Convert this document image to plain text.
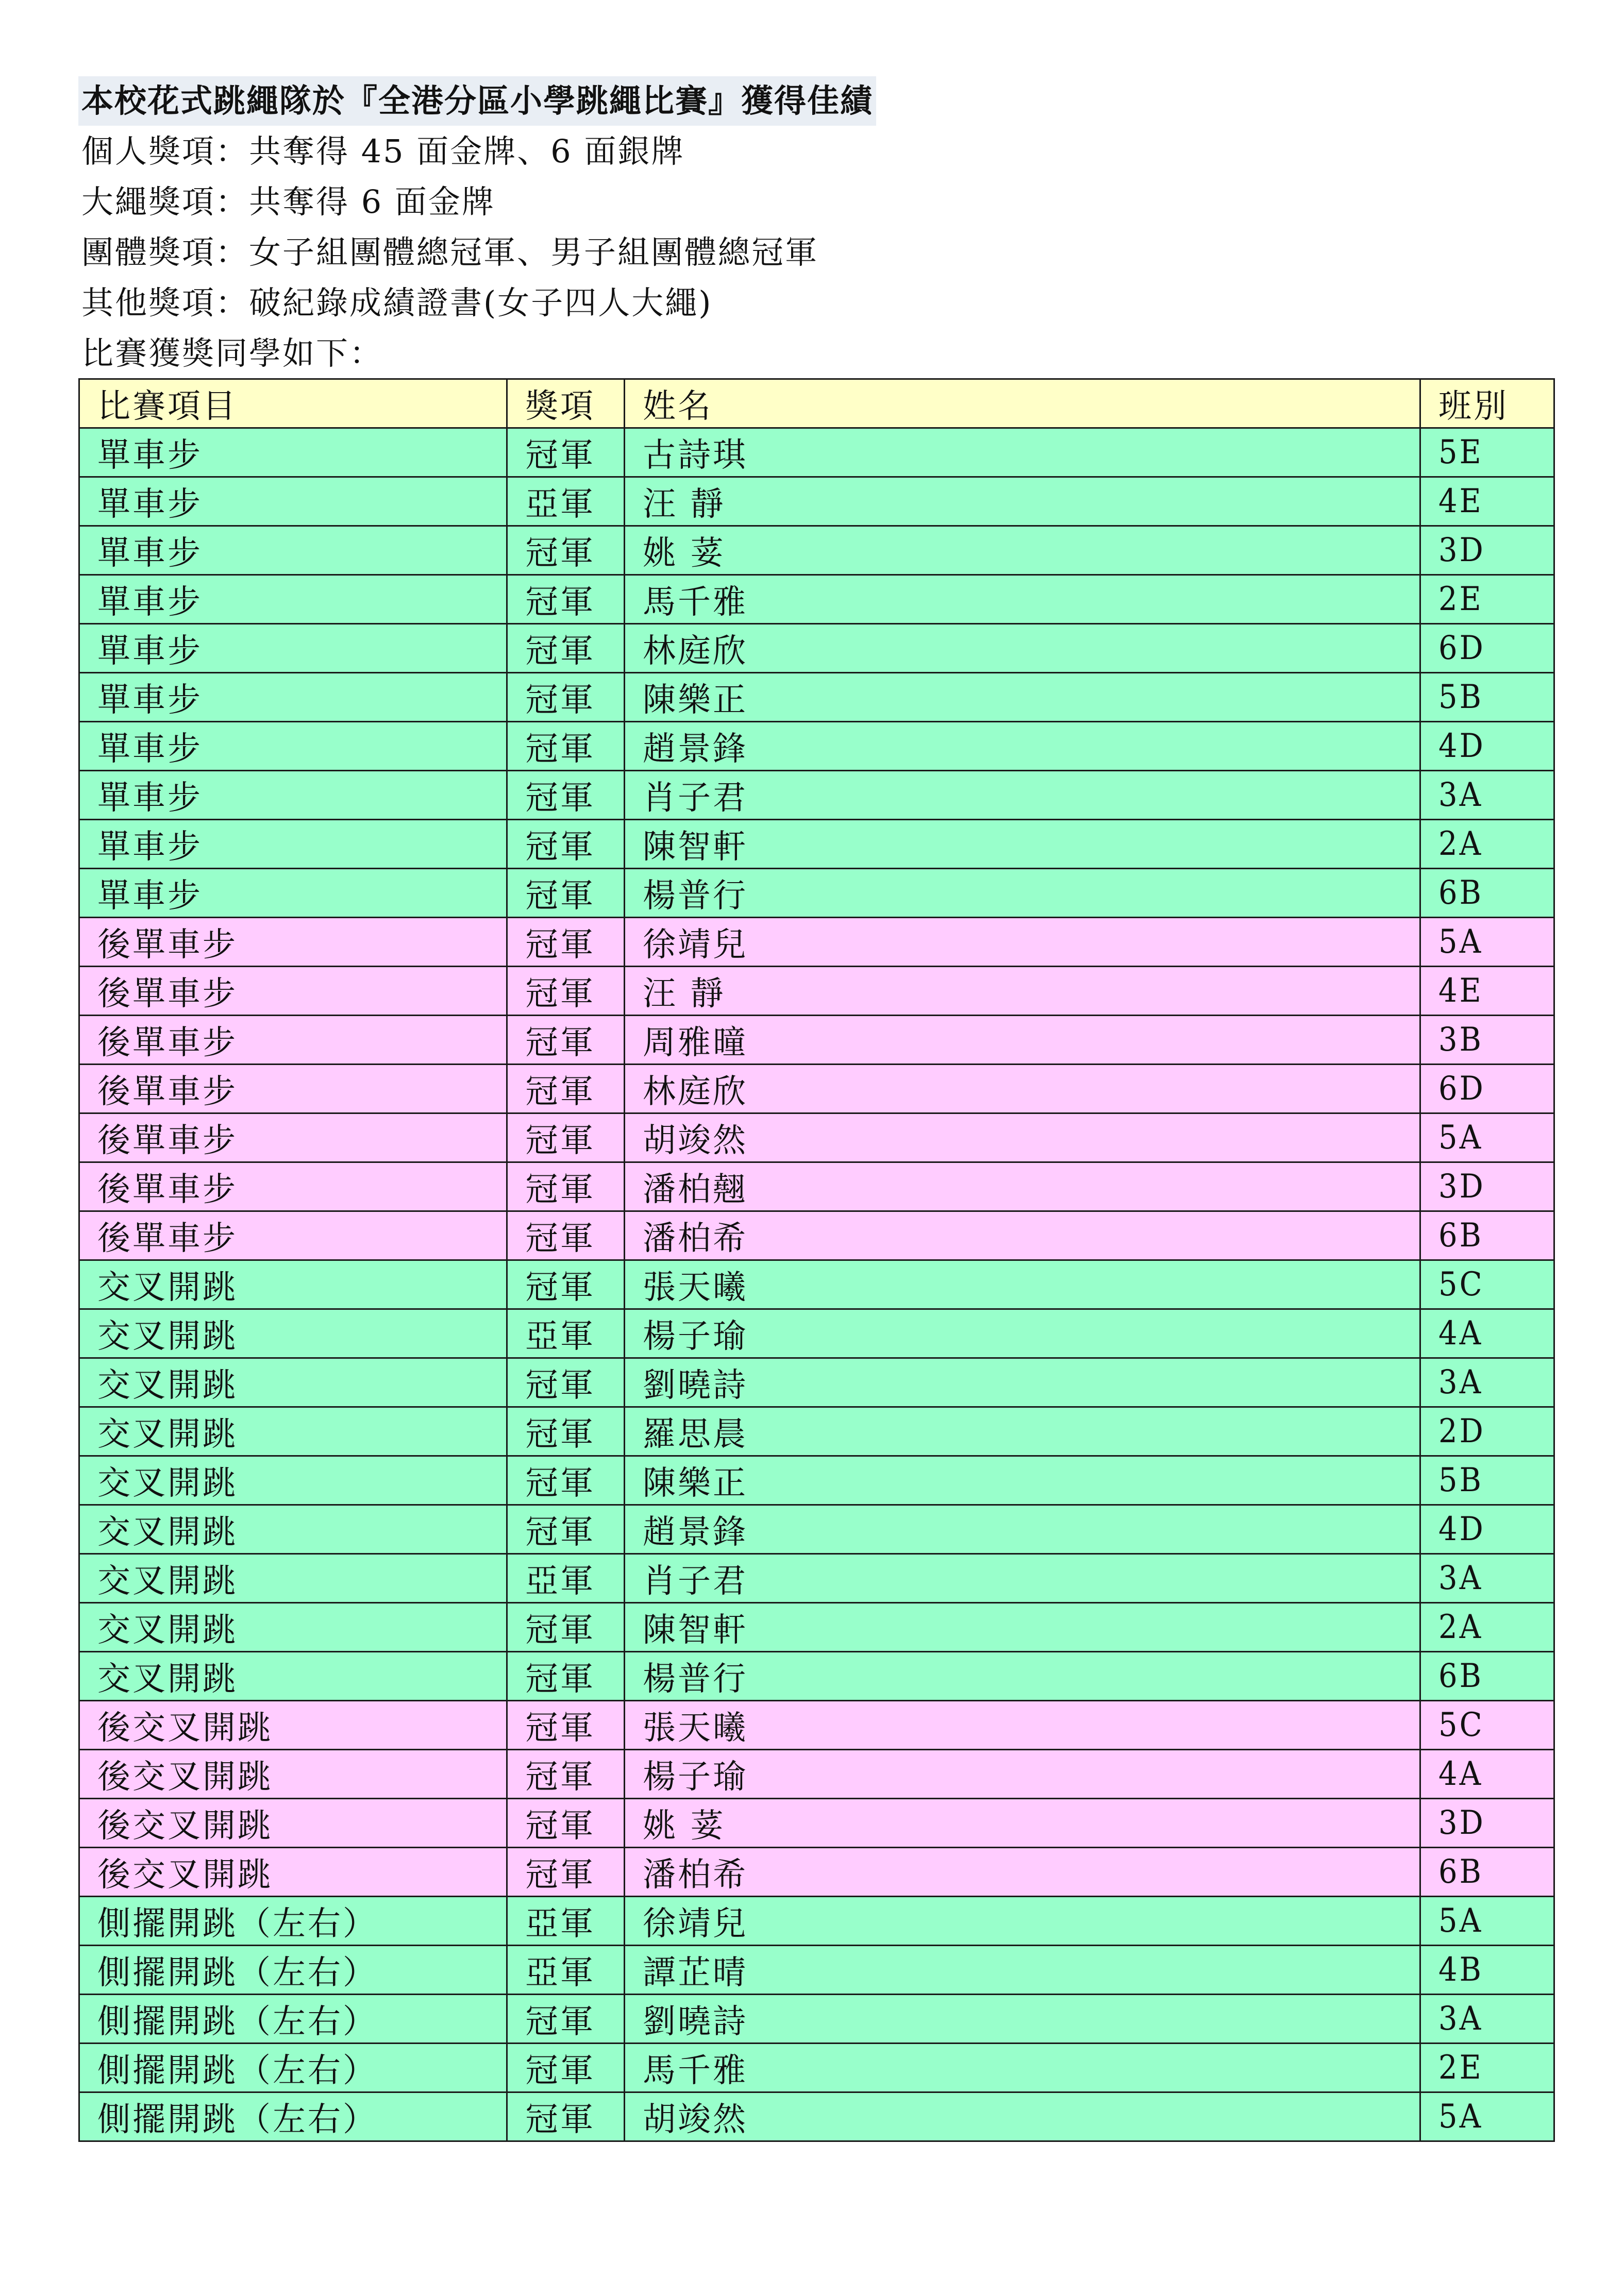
本校花式跳繩隊於『全港分區小學跳繩比賽』獲得佳績
個人獎項：共奪得 45 面金牌、6 面銀牌
大繩獎項：共奪得 6 面金牌
團體獎項：女子組團體總冠軍、男子組團體總冠軍
其他獎項：破紀錄成績證書(女子四人大繩)
比賽獲獎同學如下：
比賽項目	獎項	姓名	班別
單車步	冠軍	古詩琪	5E
單車步	亞軍	汪 靜	4E
單車步	冠軍	姚 荽	3D
單車步	冠軍	馬千雅	2E
單車步	冠軍	林庭欣	6D
單車步	冠軍	陳樂正	5B
單車步	冠軍	趙景鋒	4D
單車步	冠軍	肖子君	3A
單車步	冠軍	陳智軒	2A
單車步	冠軍	楊普行	6B
後單車步	冠軍	徐靖兒	5A
後單車步	冠軍	汪 靜	4E
後單車步	冠軍	周雅曈	3B
後單車步	冠軍	林庭欣	6D
後單車步	冠軍	胡竣然	5A
後單車步	冠軍	潘柏翹	3D
後單車步	冠軍	潘柏希	6B
交叉開跳	冠軍	張天曦	5C
交叉開跳	亞軍	楊子瑜	4A
交叉開跳	冠軍	劉曉詩	3A
交叉開跳	冠軍	羅思晨	2D
交叉開跳	冠軍	陳樂正	5B
交叉開跳	冠軍	趙景鋒	4D
交叉開跳	亞軍	肖子君	3A
交叉開跳	冠軍	陳智軒	2A
交叉開跳	冠軍	楊普行	6B
後交叉開跳	冠軍	張天曦	5C
後交叉開跳	冠軍	楊子瑜	4A
後交叉開跳	冠軍	姚 荽	3D
後交叉開跳	冠軍	潘柏希	6B
側擺開跳（左右）	亞軍	徐靖兒	5A
側擺開跳（左右）	亞軍	譚芷晴	4B
側擺開跳（左右）	冠軍	劉曉詩	3A
側擺開跳（左右）	冠軍	馬千雅	2E
側擺開跳（左右）	冠軍	胡竣然	5A
